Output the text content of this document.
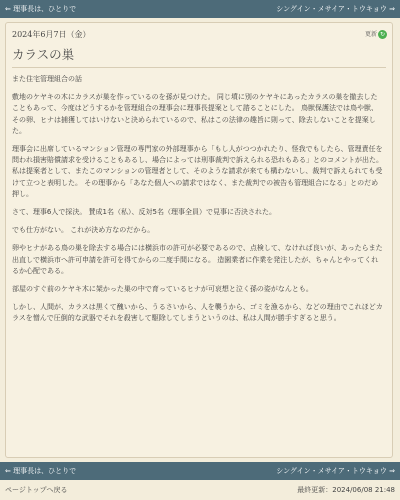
⇐ 理事長は、ひとりで	シングイン・メサイア・トウキョウ ⇒
2024年6月7日（金）	更新 ↻
カラスの巣

また住宅管理組合の話

敷地のケヤキの木にカラスが巣を作っているのを孫が見つけた。 同じ墳に別のケヤキにあったカラスの巣を撤去したこともあって、今度はどうするかを管理組合の理事会に理事長提案として諮ることにした。 鳥獣保護法では鳥や獣、その卵、ヒナは捕獲してはいけないと決められているので、私はこの法律の趣旨に則って、除去しないことを提案した。

理事会に出席しているマンション管理の専門家の外部理事から「もし人がつつかれたり、怪我でもしたら、管理責任を問われ損害賠償請求を受けることもあるし、場合によっては刑事裁判で訴えられる恐れもある」とのコメントが出た。 私は提案者として、またこのマンションの管理者として、そのような請求が来ても構わないし、裁判で訴えられても受けて立つと表明した。 その理事から「あなた個人への請求ではなく、また裁判での被告も管理組合になる」とのだめ押し。

さて、理事6人で採決。 賛成1名（私）、反対5名（理事全員）で見事に否決された。

でも仕方がない。 これが決め方なのだから。

卵やヒナがある鳥の巣を除去する場合には横浜市の許可が必要であるので、点検して、なければ良いが、あったらまた出直しで横浜市へ許可申請を許可を得てからの二度手間になる。 造園業者に作業を発注したが、ちゃんとやってくれるか心配である。

部屋のすぐ前のケヤキ木に架かった巣の中で育っているヒナが可哀想と泣く孫の姿がなんとも。

しかし、人間が、カラスは黒くて醜いから、うるさいから、人を襲うから、ゴミを漁るから、などの理由でこれほどカラスを憎んで圧倒的な武器でそれを殺害して駆除してしまうというのは、私は人間が勝手すぎると思う。

⇐ 理事長は、ひとりで	シングイン・メサイア・トウキョウ ⇒
ページトップへ戻る	最終更新：2024/06/08 21:48
